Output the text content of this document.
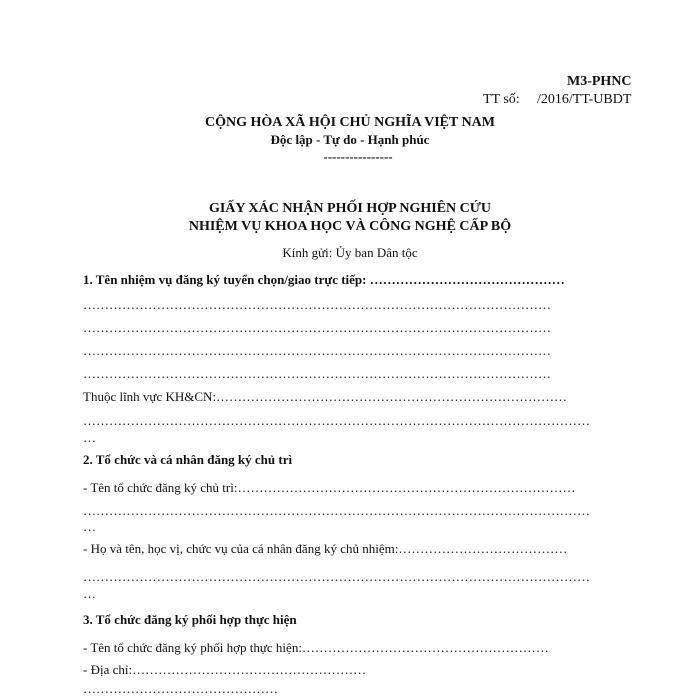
M3-PHNC
TT số: /2016/TT-UBDT
CỘNG HÒA XÃ HỘI CHỦ NGHĨA VIỆT NAM
Độc lập - Tự do - Hạnh phúc
----------------
GIẤY XÁC NHẬN PHỐI HỢP NGHIÊN CỨU
NHIỆM VỤ KHOA HỌC VÀ CÔNG NGHỆ CẤP BỘ
Kính gửi: Ủy ban Dân tộc
1. Tên nhiệm vụ đăng ký tuyển chọn/giao trực tiếp: ………………………………………
………………………………………………………………………………………………
………………………………………………………………………………………………
………………………………………………………………………………………………
………………………………………………………………………………………………
Thuộc lĩnh vực KH&CN:………………………………………………………………………
………………………………………………………………………………………………………
…
2. Tổ chức và cá nhân đăng ký chủ trì
- Tên tổ chức đăng ký chủ trì:……………………………………………………………………
………………………………………………………………………………………………………
…
- Họ và tên, học vị, chức vụ của cá nhân đăng ký chủ nhiệm:…………………………………
………………………………………………………………………………………………………
…
3. Tổ chức đăng ký phối hợp thực hiện
- Tên tổ chức đăng ký phối hợp thực hiện:…………………………………………………
- Địa chỉ:………………………………………………
………………………………………
